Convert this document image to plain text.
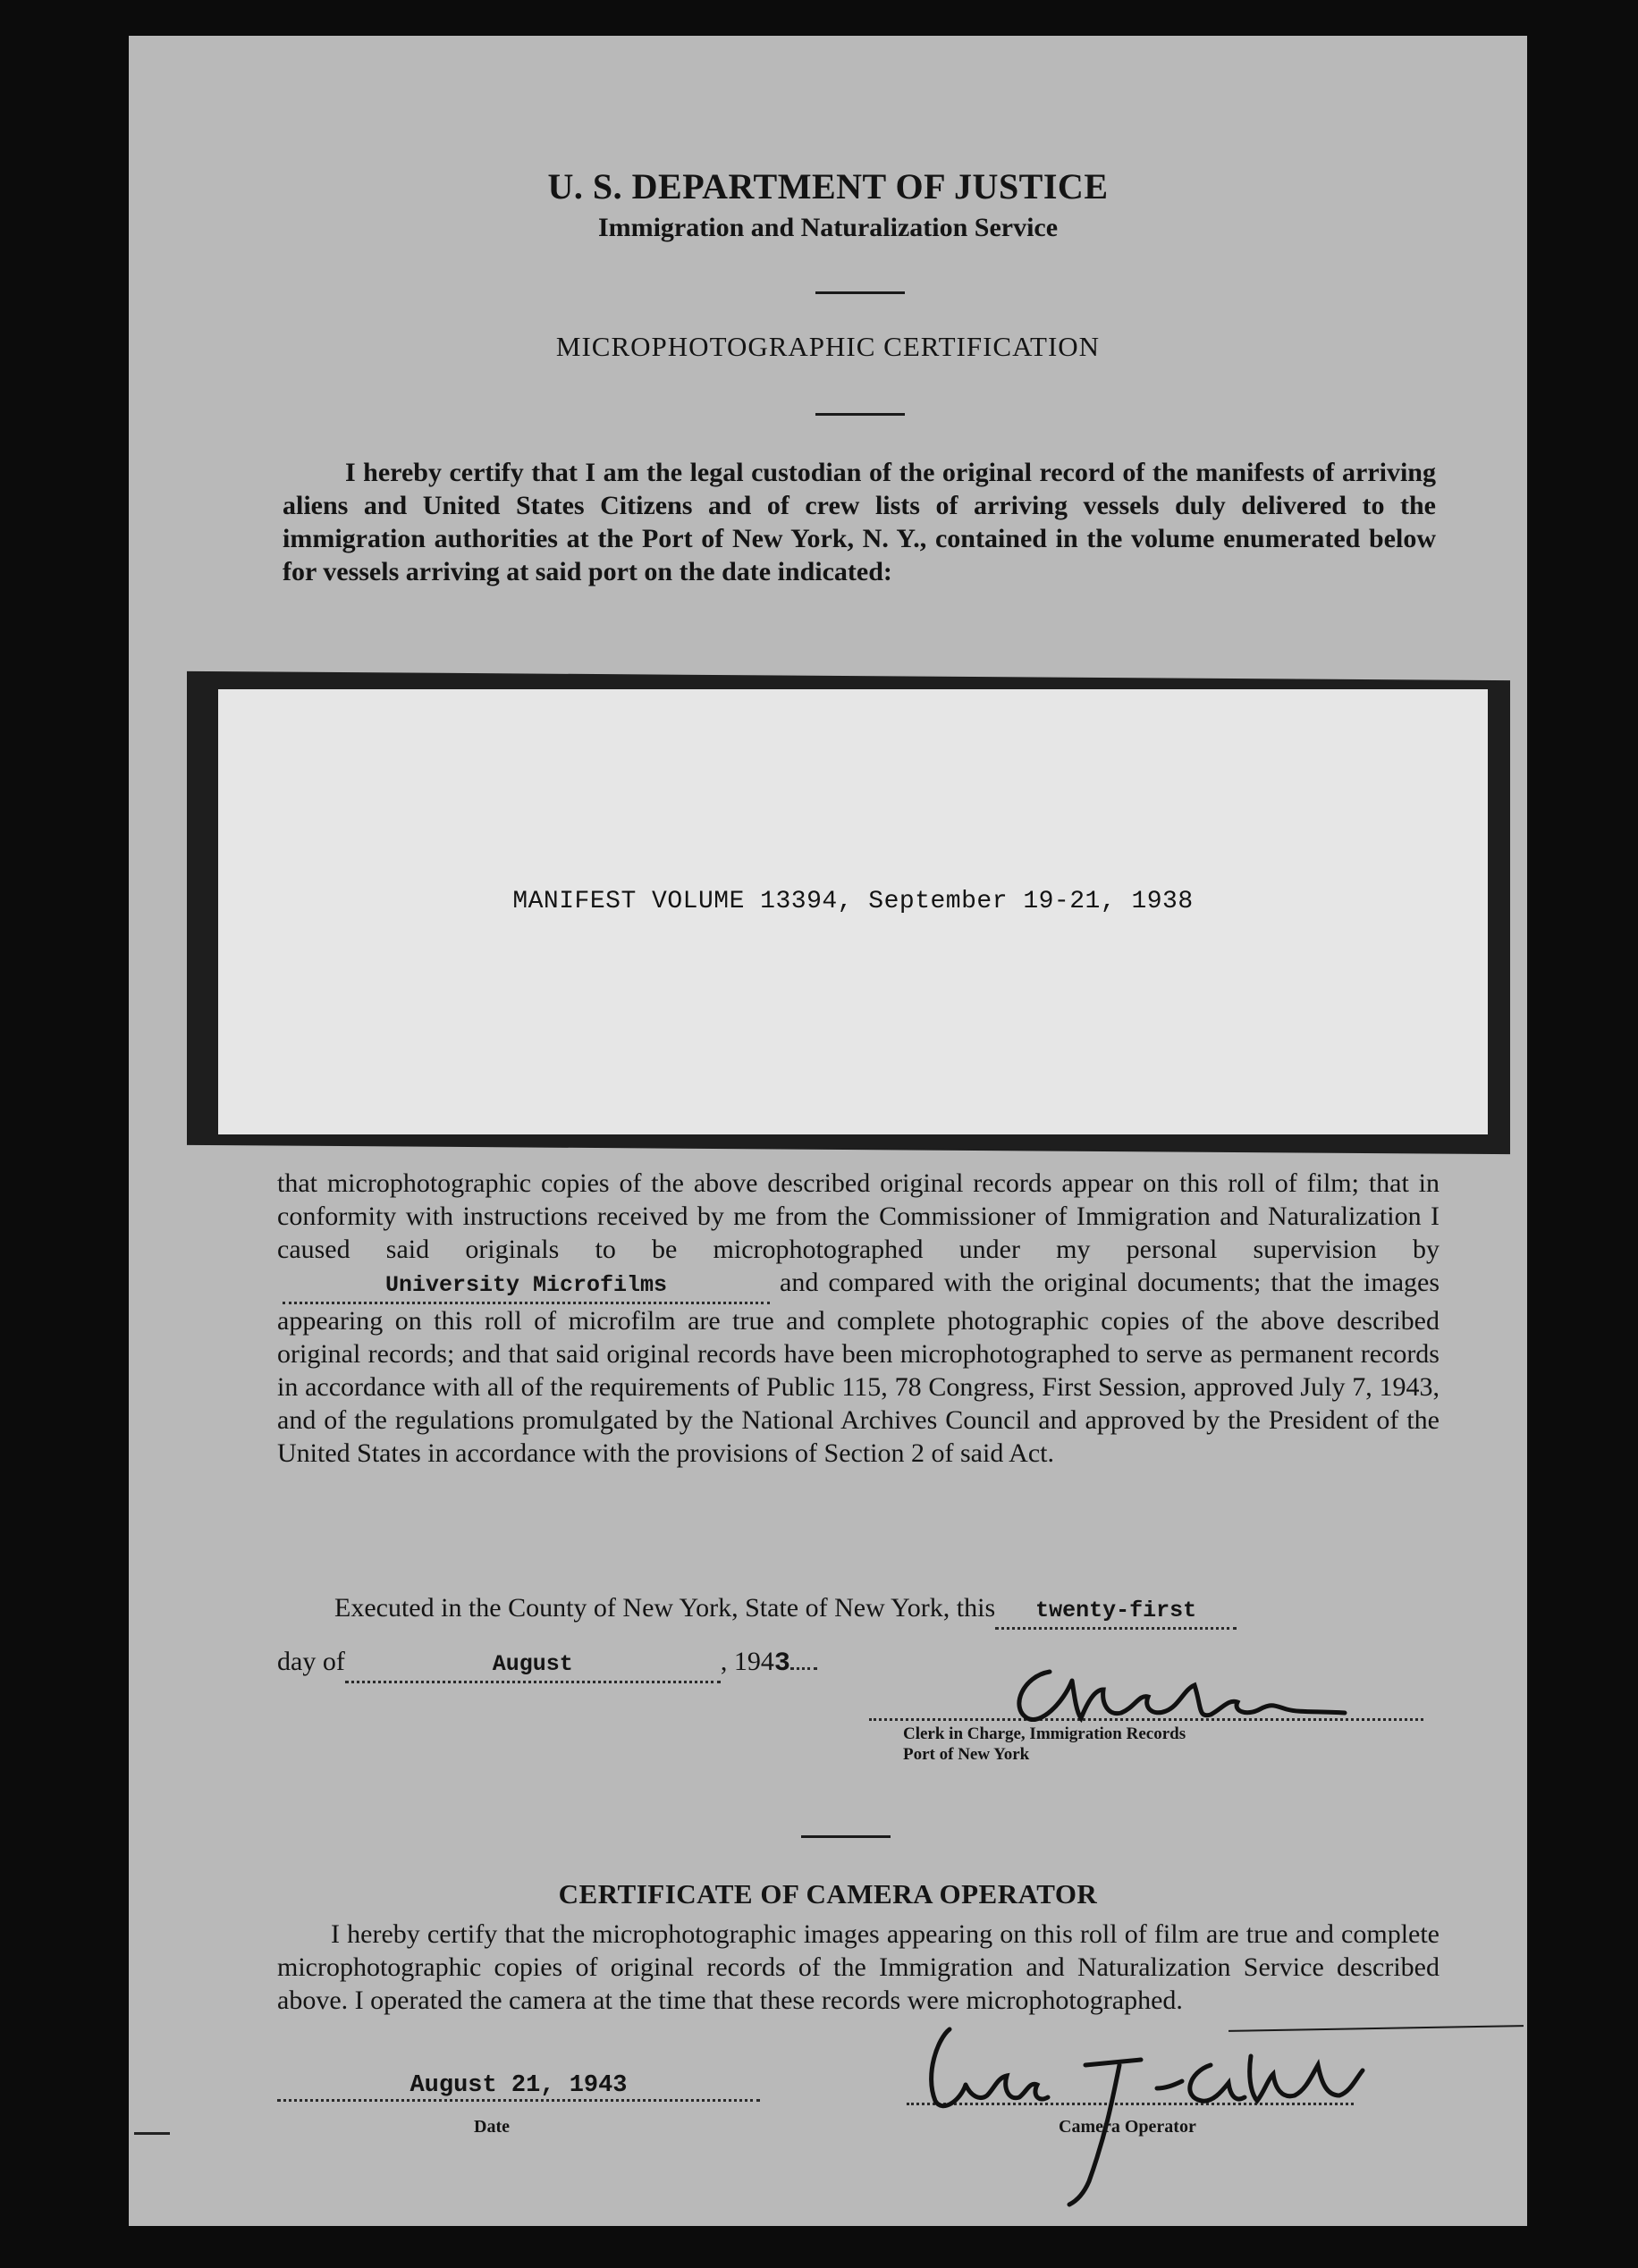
U. S. DEPARTMENT OF JUSTICE
Immigration and Naturalization Service
MICROPHOTOGRAPHIC CERTIFICATION

I hereby certify that I am the legal custodian of the original record of the manifests of arriving aliens and United States Citizens and of crew lists of arriving vessels duly delivered to the immigration authorities at the Port of New York, N. Y., contained in the volume enumerated below for vessels arriving at said port on the date indicated:

MANIFEST VOLUME 13394, September 19-21, 1938

that microphotographic copies of the above described original records appear on this roll of film; that in conformity with instructions received by me from the Commissioner of Immigration and Naturalization I caused said originals to be microphotographed under my personal supervision byUniversity Microfilms	and compared with the original documents; that the images appearing on this roll of microfilm are true and complete photographic copies of the above described original records; and that said original records have been microphotographed to serve as permanent records in accordance with all of the requirements of Public 115, 78 Congress, First Session, approved July 7, 1943, and of the regulations promulgated by the National Archives Council and approved by the President of the United States in accordance with the provisions of Section 2 of said Act.

Executed in the County of New York, State of New York, this twenty-first
day of	August	, 1943
Clerk in Charge, Immigration Records
Port of New York
CERTIFICATE OF CAMERA OPERATOR

I hereby certify that the microphotographic images appearing on this roll of film are true and complete microphotographic copies of original records of the Immigration and Naturalization Service described above. I operated the camera at the time that these records were microphotographed.

August 21, 1943
Date	Camera Operator
